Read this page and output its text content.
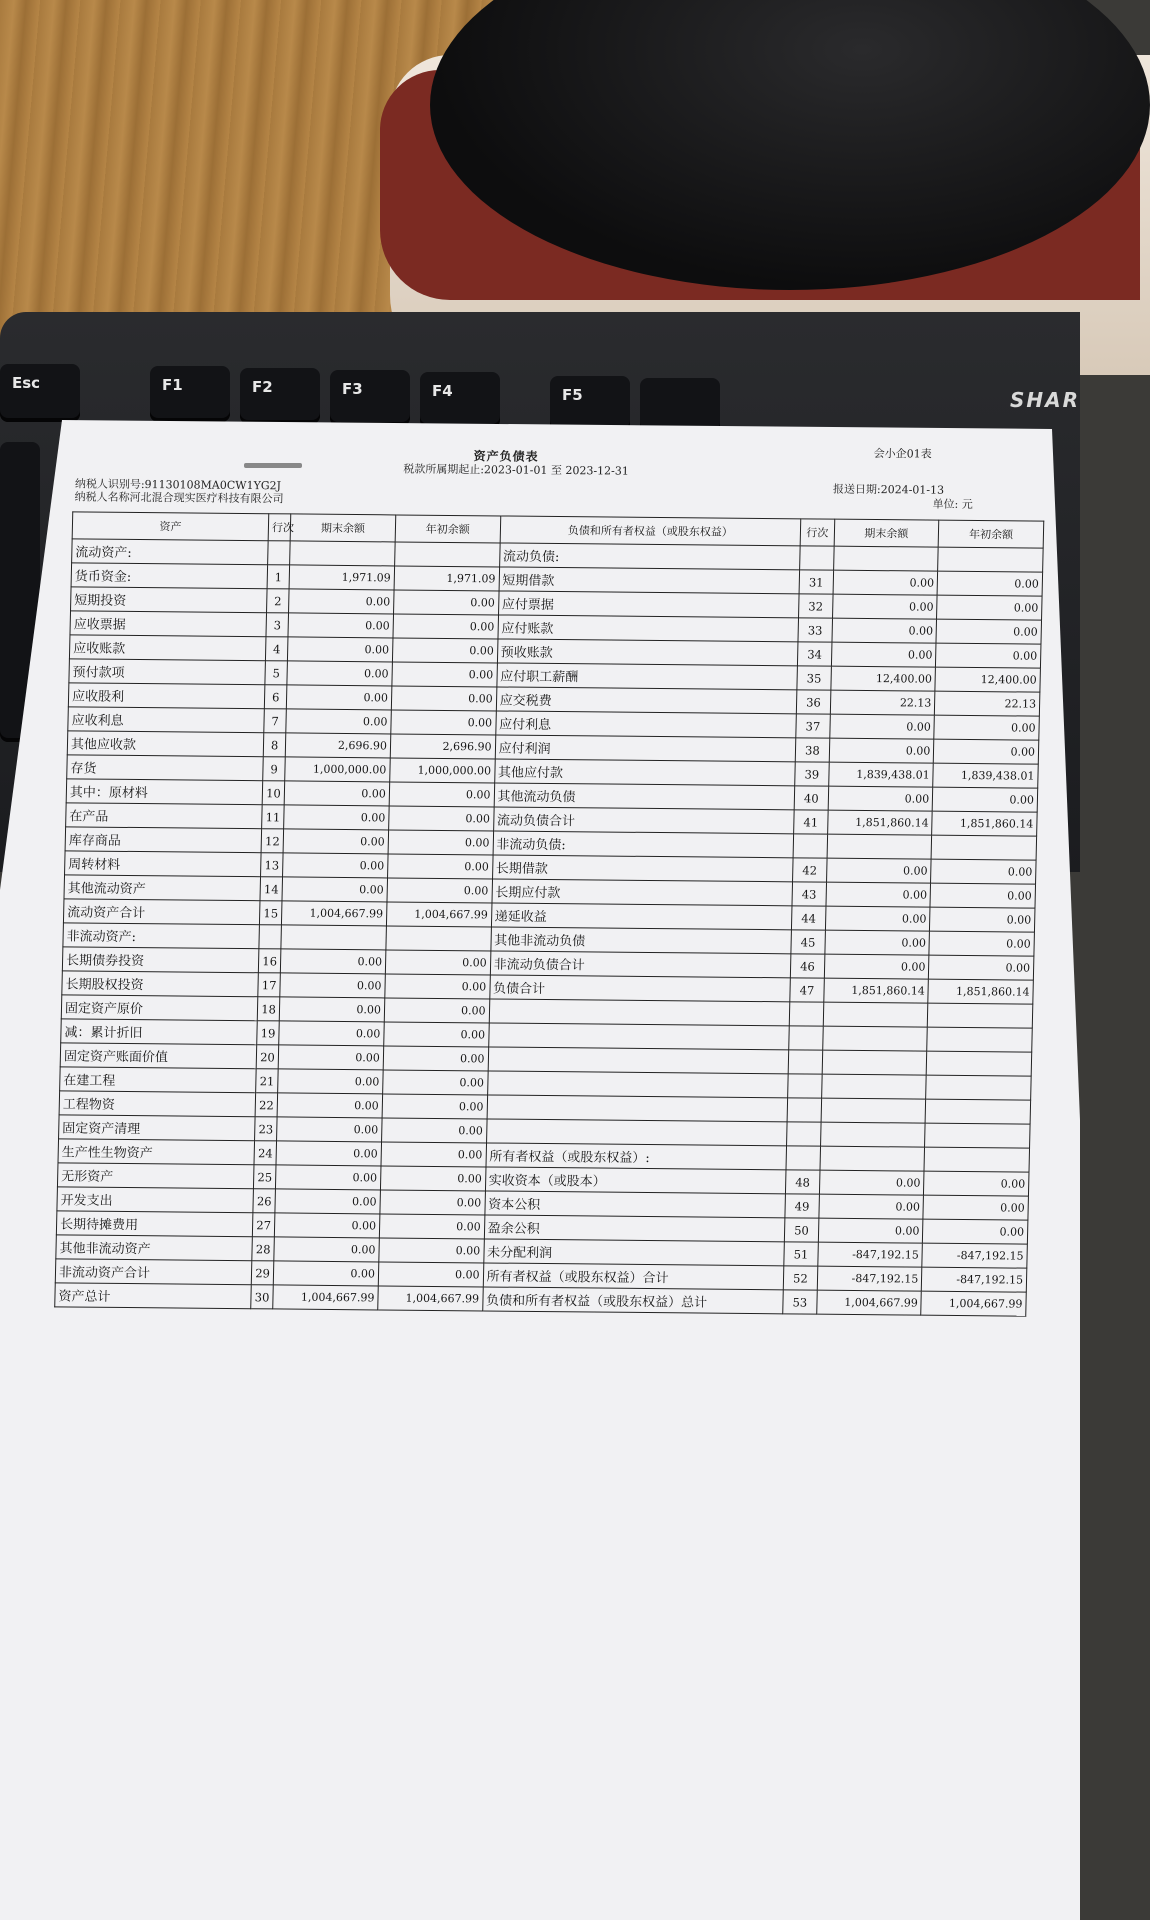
Esc	F1	F2	F3	F4	F5	SHAR
资产负债表
税款所属期起止:2023-01-01 至 2023-12-31
会小企01表
纳税人识别号:91130108MA0CW1YG2J
纳税人名称河北混合现实医疗科技有限公司
报送日期:2024-01-13
单位: 元
资产	行次	期末余额	年初余额	负债和所有者权益（或股东权益）	行次	期末余额	年初余额
流动资产:				流动负债:			
货币资金:	1	1,971.09	1,971.09	短期借款	31	0.00	0.00
短期投资	2	0.00	0.00	应付票据	32	0.00	0.00
应收票据	3	0.00	0.00	应付账款	33	0.00	0.00
应收账款	4	0.00	0.00	预收账款	34	0.00	0.00
预付款项	5	0.00	0.00	应付职工薪酬	35	12,400.00	12,400.00
应收股利	6	0.00	0.00	应交税费	36	22.13	22.13
应收利息	7	0.00	0.00	应付利息	37	0.00	0.00
其他应收款	8	2,696.90	2,696.90	应付利润	38	0.00	0.00
存货	9	1,000,000.00	1,000,000.00	其他应付款	39	1,839,438.01	1,839,438.01
其中：原材料	10	0.00	0.00	其他流动负债	40	0.00	0.00
在产品	11	0.00	0.00	流动负债合计	41	1,851,860.14	1,851,860.14
库存商品	12	0.00	0.00	非流动负债:			
周转材料	13	0.00	0.00	长期借款	42	0.00	0.00
其他流动资产	14	0.00	0.00	长期应付款	43	0.00	0.00
流动资产合计	15	1,004,667.99	1,004,667.99	递延收益	44	0.00	0.00
非流动资产:				其他非流动负债	45	0.00	0.00
长期债券投资	16	0.00	0.00	非流动负债合计	46	0.00	0.00
长期股权投资	17	0.00	0.00	负债合计	47	1,851,860.14	1,851,860.14
固定资产原价	18	0.00	0.00				
减：累计折旧	19	0.00	0.00				
固定资产账面价值	20	0.00	0.00				
在建工程	21	0.00	0.00				
工程物资	22	0.00	0.00				
固定资产清理	23	0.00	0.00				
生产性生物资产	24	0.00	0.00	所有者权益（或股东权益）:			
无形资产	25	0.00	0.00	实收资本（或股本）	48	0.00	0.00
开发支出	26	0.00	0.00	资本公积	49	0.00	0.00
长期待摊费用	27	0.00	0.00	盈余公积	50	0.00	0.00
其他非流动资产	28	0.00	0.00	未分配利润	51	-847,192.15	-847,192.15
非流动资产合计	29	0.00	0.00	所有者权益（或股东权益）合计	52	-847,192.15	-847,192.15
资产总计	30	1,004,667.99	1,004,667.99	负债和所有者权益（或股东权益）总计	53	1,004,667.99	1,004,667.99
